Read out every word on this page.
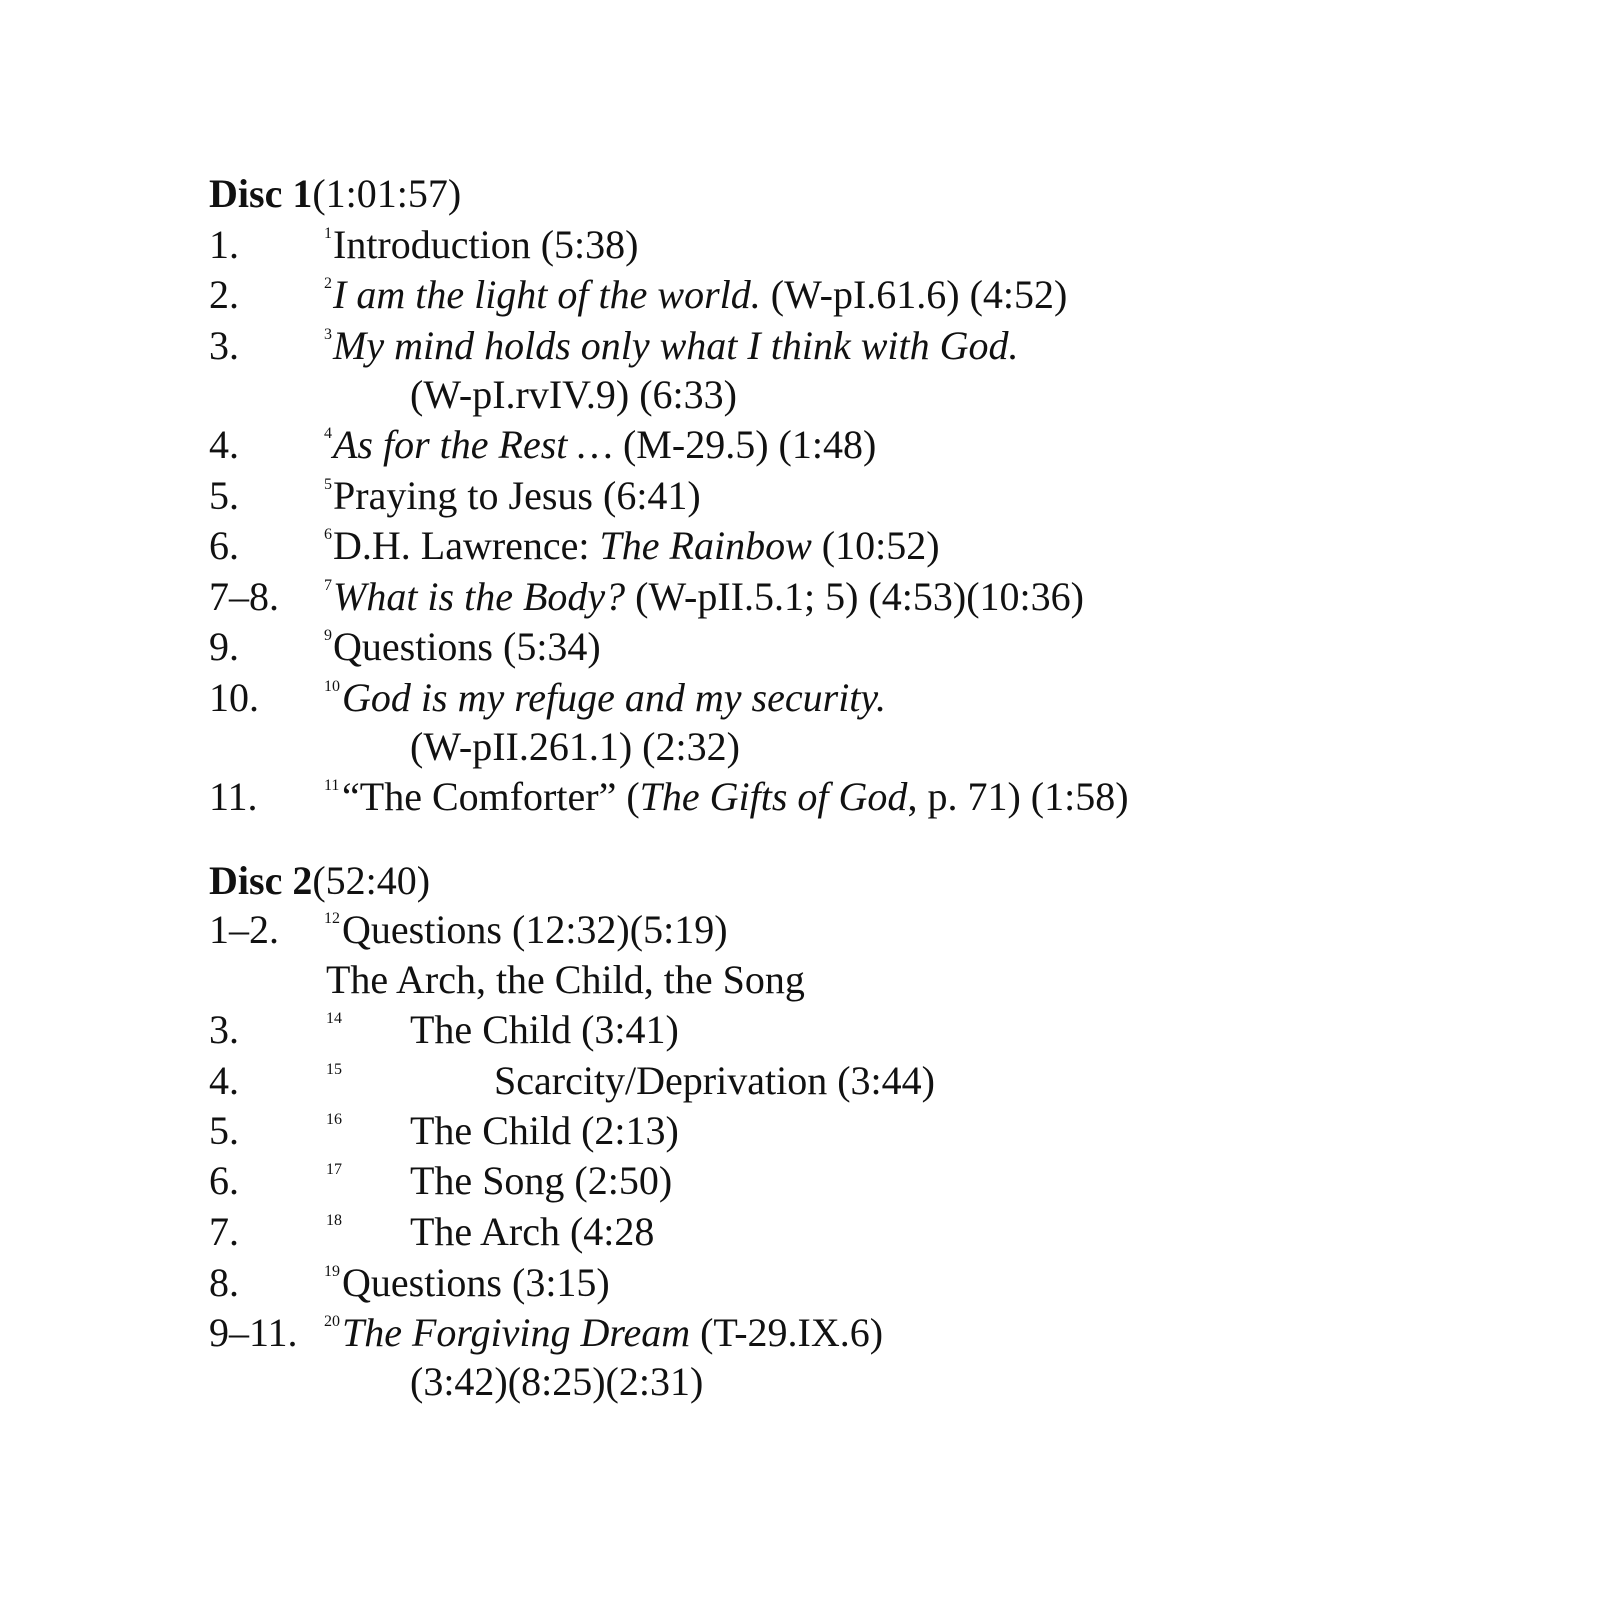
Disc 1(1:01:57)
1.	1 Introduction (5:38)
2.	2 I am the light of the world. (W-pI.61.6) (4:52)
3.	3 My mind holds only what I think with God.
(W-pI.rvIV.9) (6:33)
4.	4 As for the Rest … (M-29.5) (1:48)
5.	5 Praying to Jesus (6:41)
6.	6 D.H. Lawrence: The Rainbow (10:52)
7–8.	7 What is the Body? (W-pII.5.1; 5) (4:53)(10:36)
9.	9 Questions (5:34)
10.	10 God is my refuge and my security.
(W-pII.261.1) (2:32)
11.	11 “The Comforter” (The Gifts of God, p. 71) (1:58)
Disc 2(52:40)
1–2.	12 Questions (12:32)(5:19)
The Arch, the Child, the Song
3.	14 The Child (3:41)
4.	15	Scarcity/Deprivation (3:44)
5.	16 The Child (2:13)
6.	17 The Song (2:50)
7.	18 The Arch (4:28
8.	19 Questions (3:15)
9–11. 20 The Forgiving Dream (T-29.IX.6)
(3:42)(8:25)(2:31)
